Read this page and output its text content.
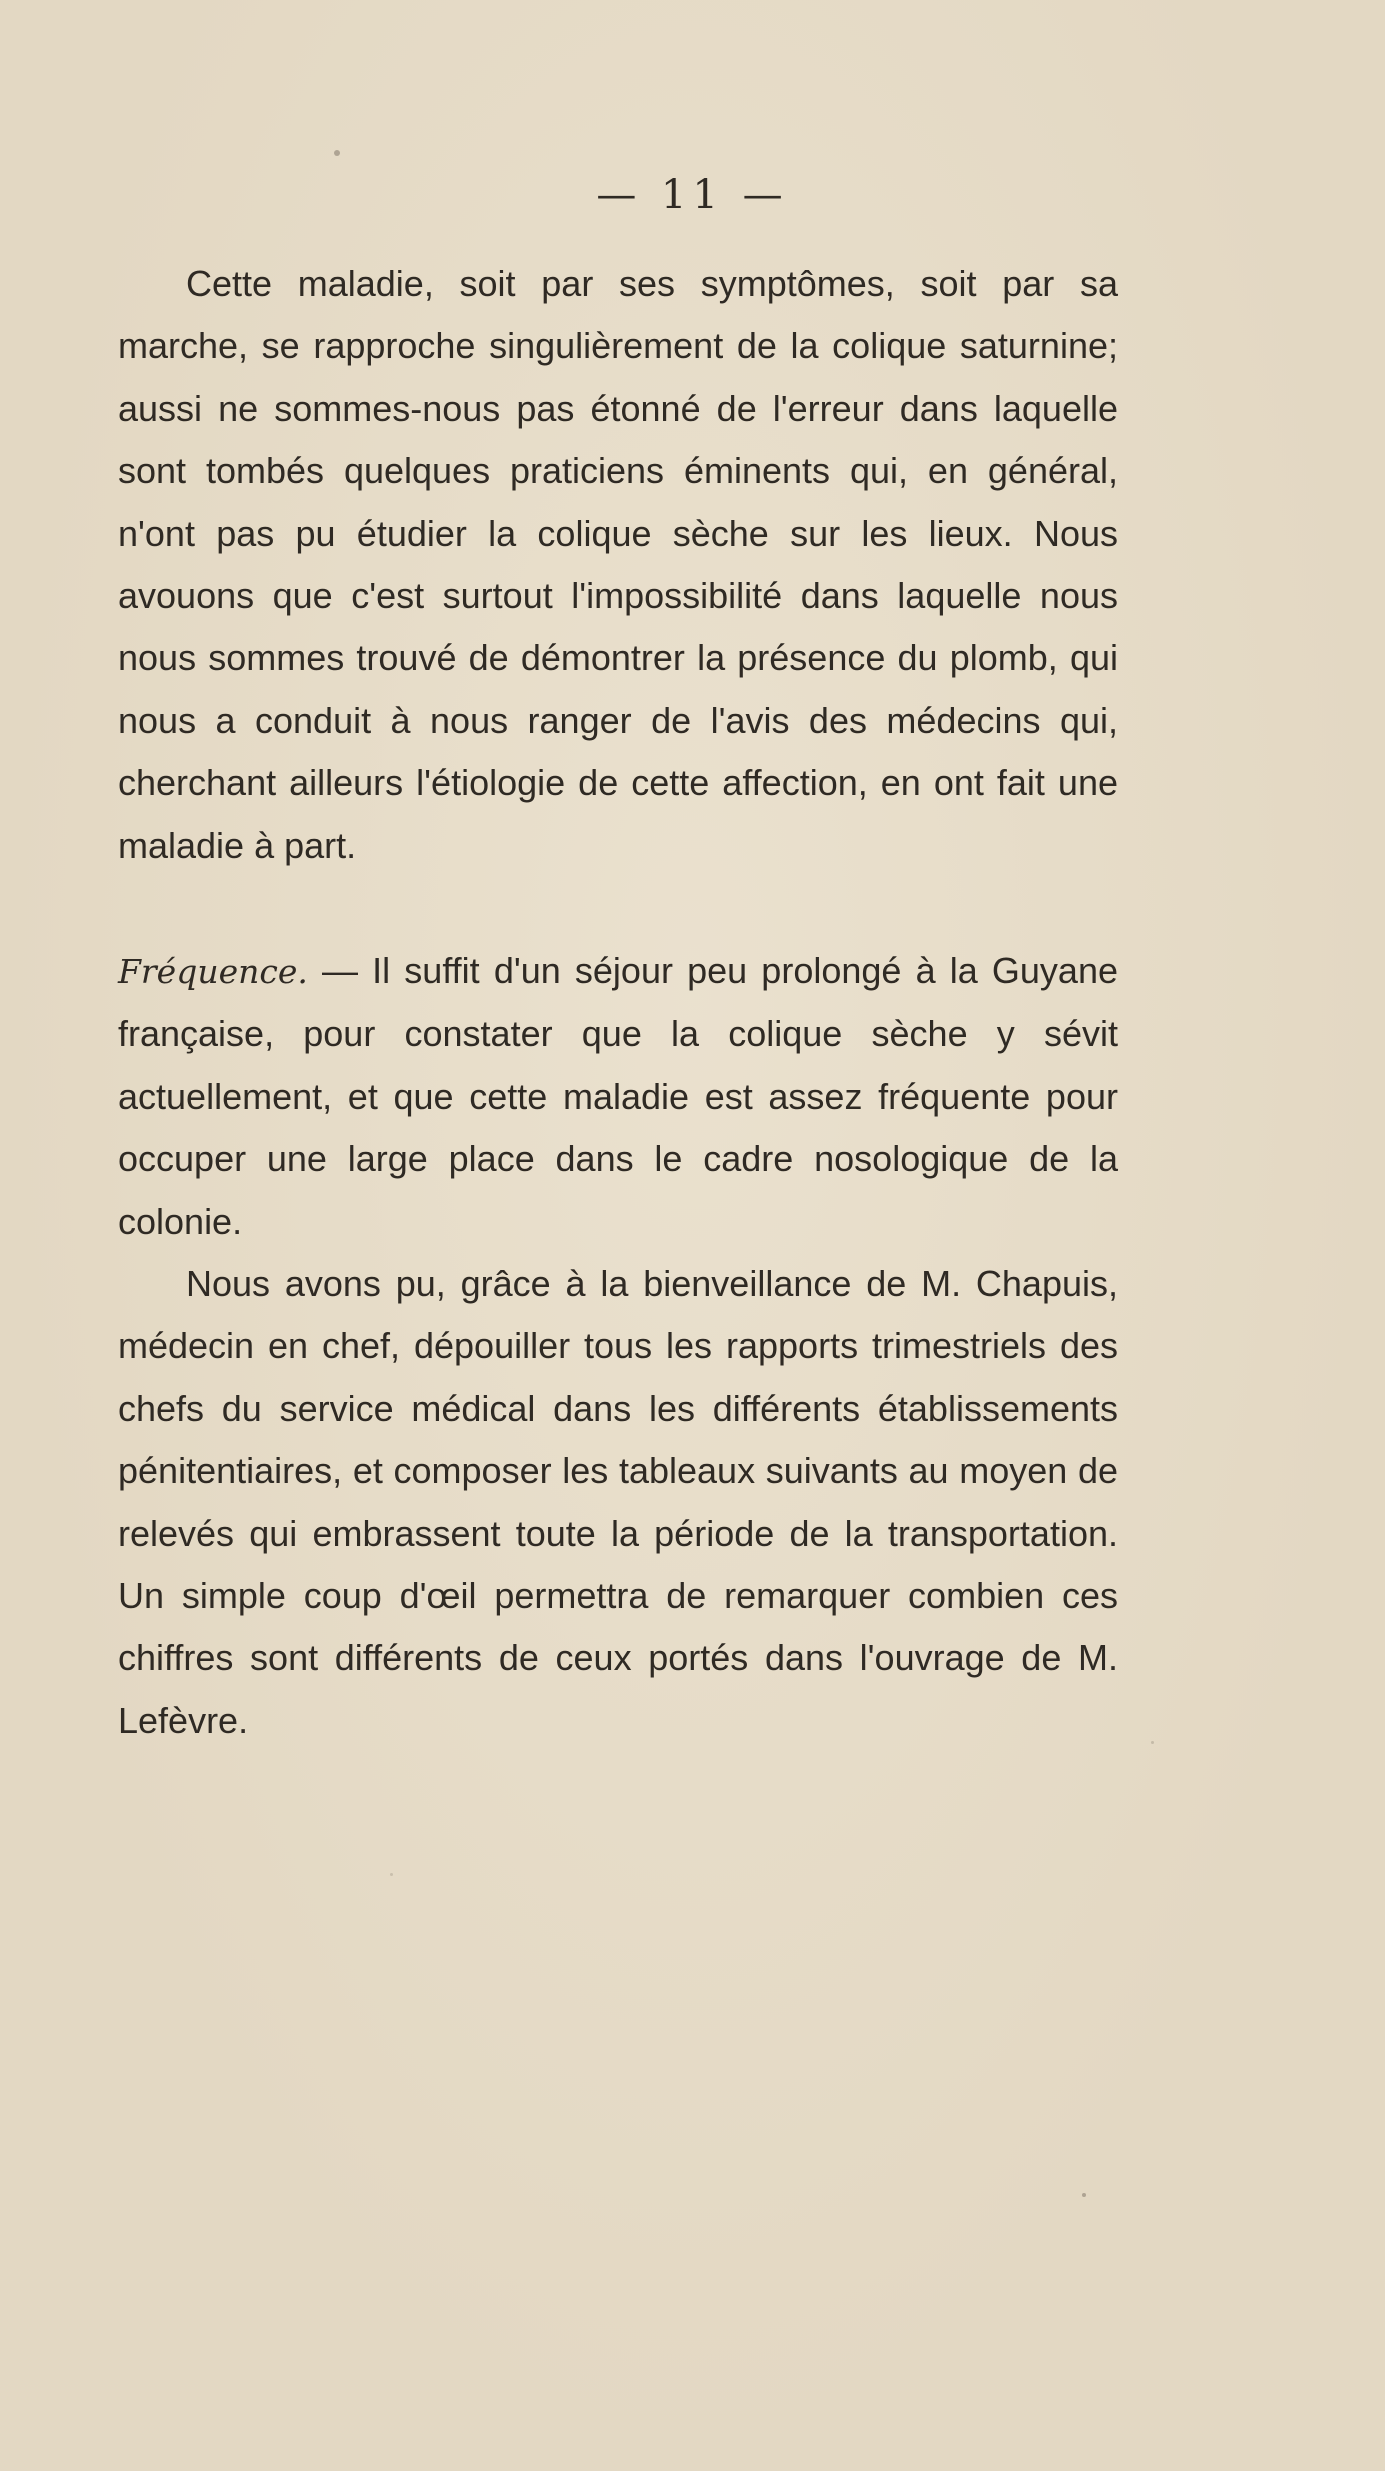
— 11 —

Cette maladie, soit par ses symptômes, soit par sa marche, se rapproche singulièrement de la colique saturnine; aussi ne sommes-nous pas étonné de l'erreur dans laquelle sont tombés quelques praticiens éminents qui, en général, n'ont pas pu étudier la colique sèche sur les lieux. Nous avouons que c'est surtout l'impossibilité dans laquelle nous nous sommes trouvé de démontrer la présence du plomb, qui nous a conduit à nous ranger de l'avis des médecins qui, cherchant ailleurs l'étiologie de cette affection, en ont fait une maladie à part.

Fréquence. — Il suffit d'un séjour peu prolongé à la Guyane française, pour constater que la colique sèche y sévit actuellement, et que cette maladie est assez fréquente pour occuper une large place dans le cadre nosologique de la colonie.

Nous avons pu, grâce à la bienveillance de M. Chapuis, médecin en chef, dépouiller tous les rapports trimestriels des chefs du service médical dans les différents établissements pénitentiaires, et composer les tableaux suivants au moyen de relevés qui embrassent toute la période de la transportation. Un simple coup d'œil permettra de remarquer combien ces chiffres sont différents de ceux portés dans l'ouvrage de M. Lefèvre.
